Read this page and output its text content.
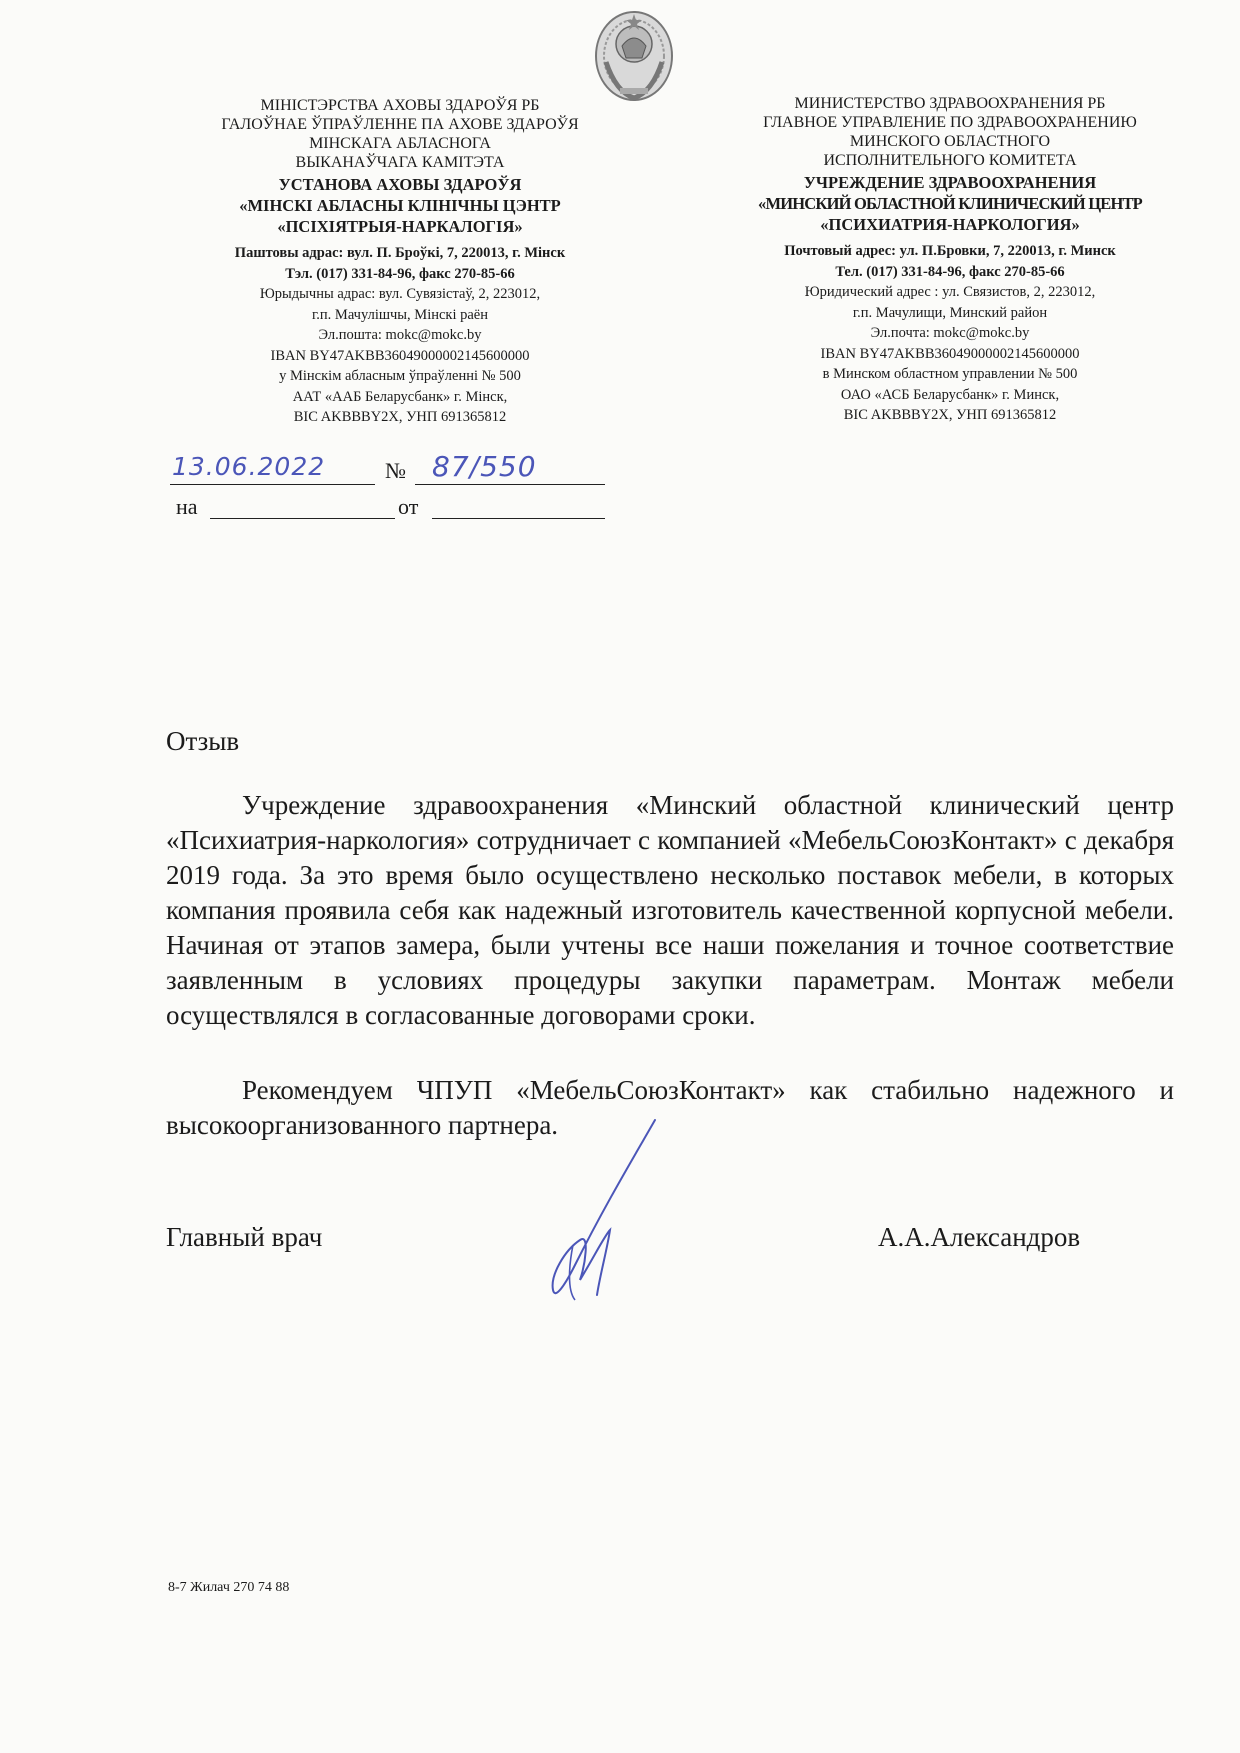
МІНІСТЭРСТВА АХОВЫ ЗДАРОЎЯ РБ
ГАЛОЎНАЕ ЎПРАЎЛЕННЕ ПА АХОВЕ ЗДАРОЎЯ
МІНСКАГА АБЛАСНОГА
ВЫКАНАЎЧАГА КАМІТЭТА
УСТАНОВА АХОВЫ ЗДАРОЎЯ
«МІНСКІ АБЛАСНЫ КЛІНІЧНЫ ЦЭНТР
«ПСІХІЯТРЫЯ-НАРКАЛОГІЯ»
Паштовы адрас: вул. П. Броўкі, 7, 220013, г. Мінск
Тэл. (017) 331-84-96, факс 270-85-66
Юрыдычны адрас: вул. Сувязістаў, 2, 223012,
г.п. Мачулішчы, Мінскі раён
Эл.пошта: mokc@mokc.by
IBAN BY47AKBB36049000002145600000
у Мінскім абласным ўпраўленні № 500
ААТ «ААБ Беларусбанк» г. Мінск,
BIC AKBBBY2X, УНП 691365812
МИНИСТЕРСТВО ЗДРАВООХРАНЕНИЯ РБ
ГЛАВНОЕ УПРАВЛЕНИЕ ПО ЗДРАВООХРАНЕНИЮ
МИНСКОГО ОБЛАСТНОГО
ИСПОЛНИТЕЛЬНОГО КОМИТЕТА
УЧРЕЖДЕНИЕ ЗДРАВООХРАНЕНИЯ
«МИНСКИЙ ОБЛАСТНОЙ КЛИНИЧЕСКИЙ ЦЕНТР
«ПСИХИАТРИЯ-НАРКОЛОГИЯ»
Почтовый адрес: ул. П.Бровки, 7, 220013, г. Минск
Тел. (017) 331-84-96, факс 270-85-66
Юридический адрес : ул. Связистов, 2, 223012,
г.п. Мачулищи, Минский район
Эл.почта: mokc@mokc.by
IBAN BY47AKBB36049000002145600000
в Минском областном управлении № 500
ОАО «АСБ Беларусбанк» г. Минск,
BIC AKBBBY2X, УНП 691365812
13.06.2022	№ 87/550
на	от
Отзыв
Учреждение здравоохранения «Минский областной клинический центр «Психиатрия-наркология» сотрудничает с компанией «МебельСоюзКонтакт» с декабря 2019 года. За это время было осуществлено несколько поставок мебели, в которых компания проявила себя как надежный изготовитель качественной корпусной мебели. Начиная от этапов замера, были учтены все наши пожелания и точное соответствие заявленным в условиях процедуры закупки параметрам. Монтаж мебели осуществлялся в согласованные договорами сроки.
Рекомендуем ЧПУП «МебельСоюзКонтакт» как стабильно надежного и высокоорганизованного партнера.
Главный врач	А.А.Александров
8-7 Жилач 270 74 88
